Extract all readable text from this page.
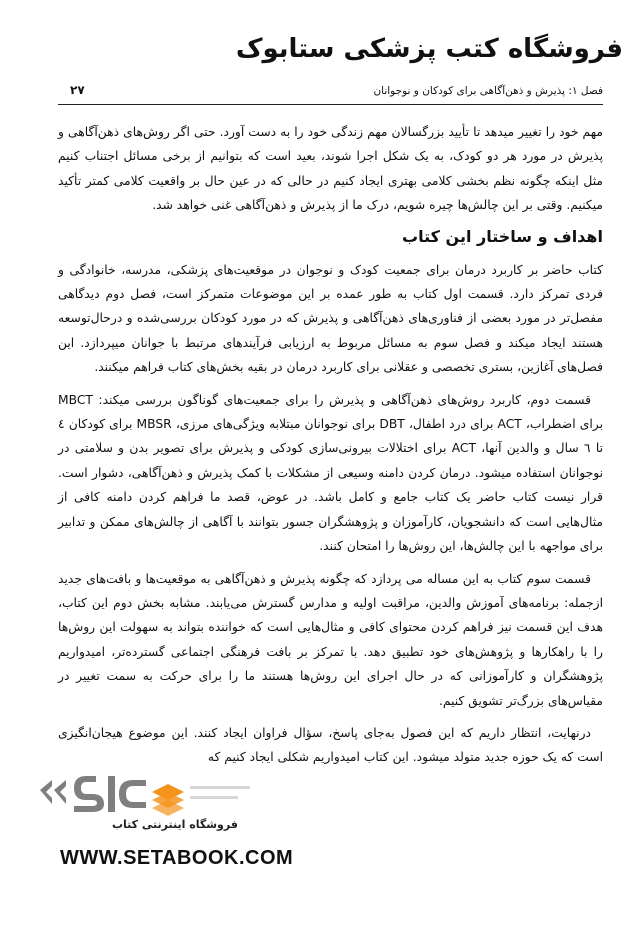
فروشگاه کتب پزشکی ستابوک
فصل ۱: پذیرش و ذهن‌آگاهی برای کودکان و نوجوانان
۲۷

مهم خود را تغییر میدهد تا تأیید بزرگسالان مهم زندگی خود را به دست آورد. حتی اگر روش‌های ذهن‌آگاهی و پذیرش در مورد هر دو کودک، به یک شکل اجرا شوند، بعید است که بتوانیم از برخی مسائل اجتناب کنیم مثل اینکه چگونه نظم بخشی کلامی بهتری ایجاد کنیم در حالی که در عین حال بر واقعیت کلامی کمتر تأکید میکنیم. وقتی بر این چالش‌ها چیره شویم، درک ما از پذیرش و ذهن‌آگاهی غنی خواهد شد.

اهداف و ساختار این کتاب

کتاب حاضر بر کاربرد درمان برای جمعیت کودک و نوجوان در موقعیت‌های پزشکی، مدرسه، خانوادگی و فردی تمرکز دارد. قسمت اول کتاب به طور عمده بر این موضوعات متمرکز است، فصل دوم دیدگاهی مفصل‌تر در مورد بعضی از فناوری‌های ذهن‌آگاهی و پذیرش که در مورد کودکان بررسی‌شده و درحال‌توسعه هستند ایجاد میکند و فصل سوم به مسائل مربوط به ارزیابی فرآیندهای مرتبط با جوانان میپردازد. این فصل‌های آغازین، بستری تخصصی و عقلانی برای کاربرد درمان در بقیه بخش‌های کتاب فراهم میکنند.

قسمت دوم، کاربرد روش‌های ذهن‌آگاهی و پذیرش را برای جمعیت‌های گوناگون بررسی میکند: MBCT برای اضطراب، ACT برای درد اطفال، DBT برای نوجوانان مبتلابه ویژگی‌های مرزی، MBSR برای کودکان ٤ تا ٦ سال و والدین آنها، ACT برای اختلالات بیرونی‌سازی کودکی و پذیرش برای تصویر بدن و سلامتی در نوجوانان استفاده میشود. درمان کردن دامنه وسیعی از مشکلات با کمک پذیرش و ذهن‌آگاهی، دشوار است. قرار نیست کتاب حاضر یک کتاب جامع و کامل باشد. در عوض، قصد ما فراهم کردن دامنه کافی از مثال‌هایی است که دانشجویان، کارآموزان و پژوهشگران جسور بتوانند با آگاهی از چالش‌های ممکن و تدابیر برای مواجهه با این چالش‌ها، این روش‌ها را امتحان کنند.

قسمت سوم کتاب به این مساله می پردازد که چگونه پذیرش و ذهن‌آگاهی به موقعیت‌ها و بافت‌های جدید ازجمله: برنامه‌های آموزش والدین، مراقبت اولیه و مدارس گسترش می‌یابند. مشابه بخش دوم این کتاب، هدف این قسمت نیز فراهم کردن محتوای کافی و مثال‌هایی است که خواننده بتواند به سهولت این روش‌ها را با راهکارها و پژوهش‌های خود تطبیق دهد. با تمرکز بر بافت فرهنگی اجتماعی گسترده‌تر، امیدواریم پژوهشگران و کارآموزانی که در حال اجرای این روش‌ها هستند ما را برای حرکت به سمت تغییر در مقیاس‌های بزرگ‌تر تشویق کنیم.

درنهایت، انتظار داریم که این فصول به‌جای پاسخ، سؤال فراوان ایجاد کنند. این موضوع هیجان‌انگیزی است که یک حوزه جدید متولد میشود. این کتاب امیدواریم شکلی ایجاد کنیم که

فروشگاه اینترنتی کتاب
WWW.SETABOOK.COM
